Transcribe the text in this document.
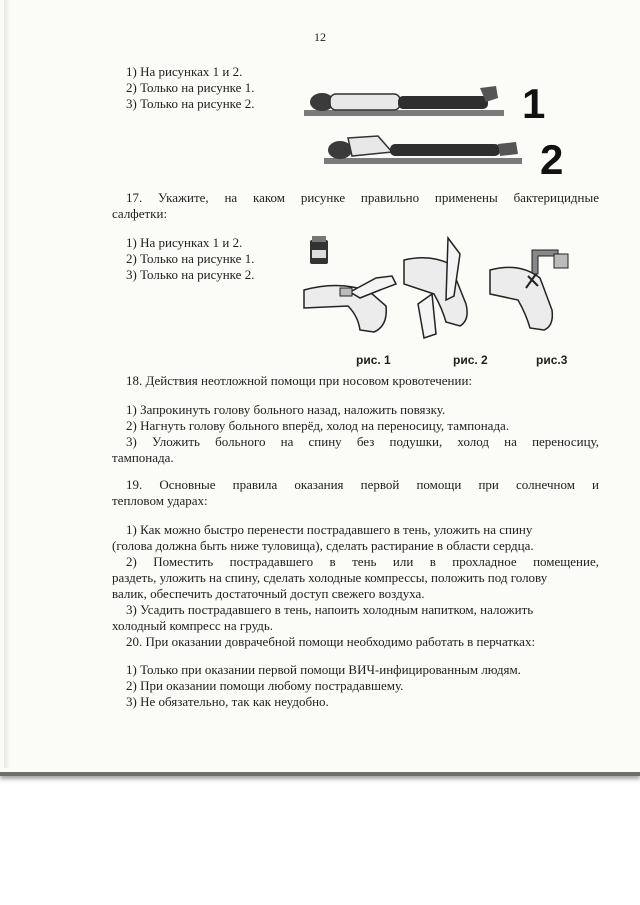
12
1) На рисунках 1 и 2.
2) Только на рисунке 1.
3) Только на рисунке 2.	1
2
17. Укажите, на каком рисунке правильно применены бактерицидные
салфетки:
1) На рисунках 1 и 2.
2) Только на рисунке 1.
3) Только на рисунке 2.
рис. 1	рис. 2	рис.3
18. Действия неотложной помощи при носовом кровотечении:
1) Запрокинуть голову больного назад, наложить повязку.
2) Нагнуть голову больного вперёд, холод на переносицу, тампонада.
3) Уложить больного на спину без подушки, холод на переносицу,
тампонада.
19. Основные правила оказания первой помощи при солнечном и
тепловом ударах:
1) Как можно быстро перенести пострадавшего в тень, уложить на спину
(голова должна быть ниже туловища), сделать растирание в области сердца.
2) Поместить пострадавшего в тень или в прохладное помещение,
раздеть, уложить на спину, сделать холодные компрессы, положить под голову
валик, обеспечить достаточный доступ свежего воздуха.
3) Усадить пострадавшего в тень, напоить холодным напитком, наложить
холодный компресс на грудь.
20. При оказании доврачебной помощи необходимо работать в перчатках:
1) Только при оказании первой помощи ВИЧ-инфицированным людям.
2) При оказании помощи любому пострадавшему.
3) Не обязательно, так как неудобно.
